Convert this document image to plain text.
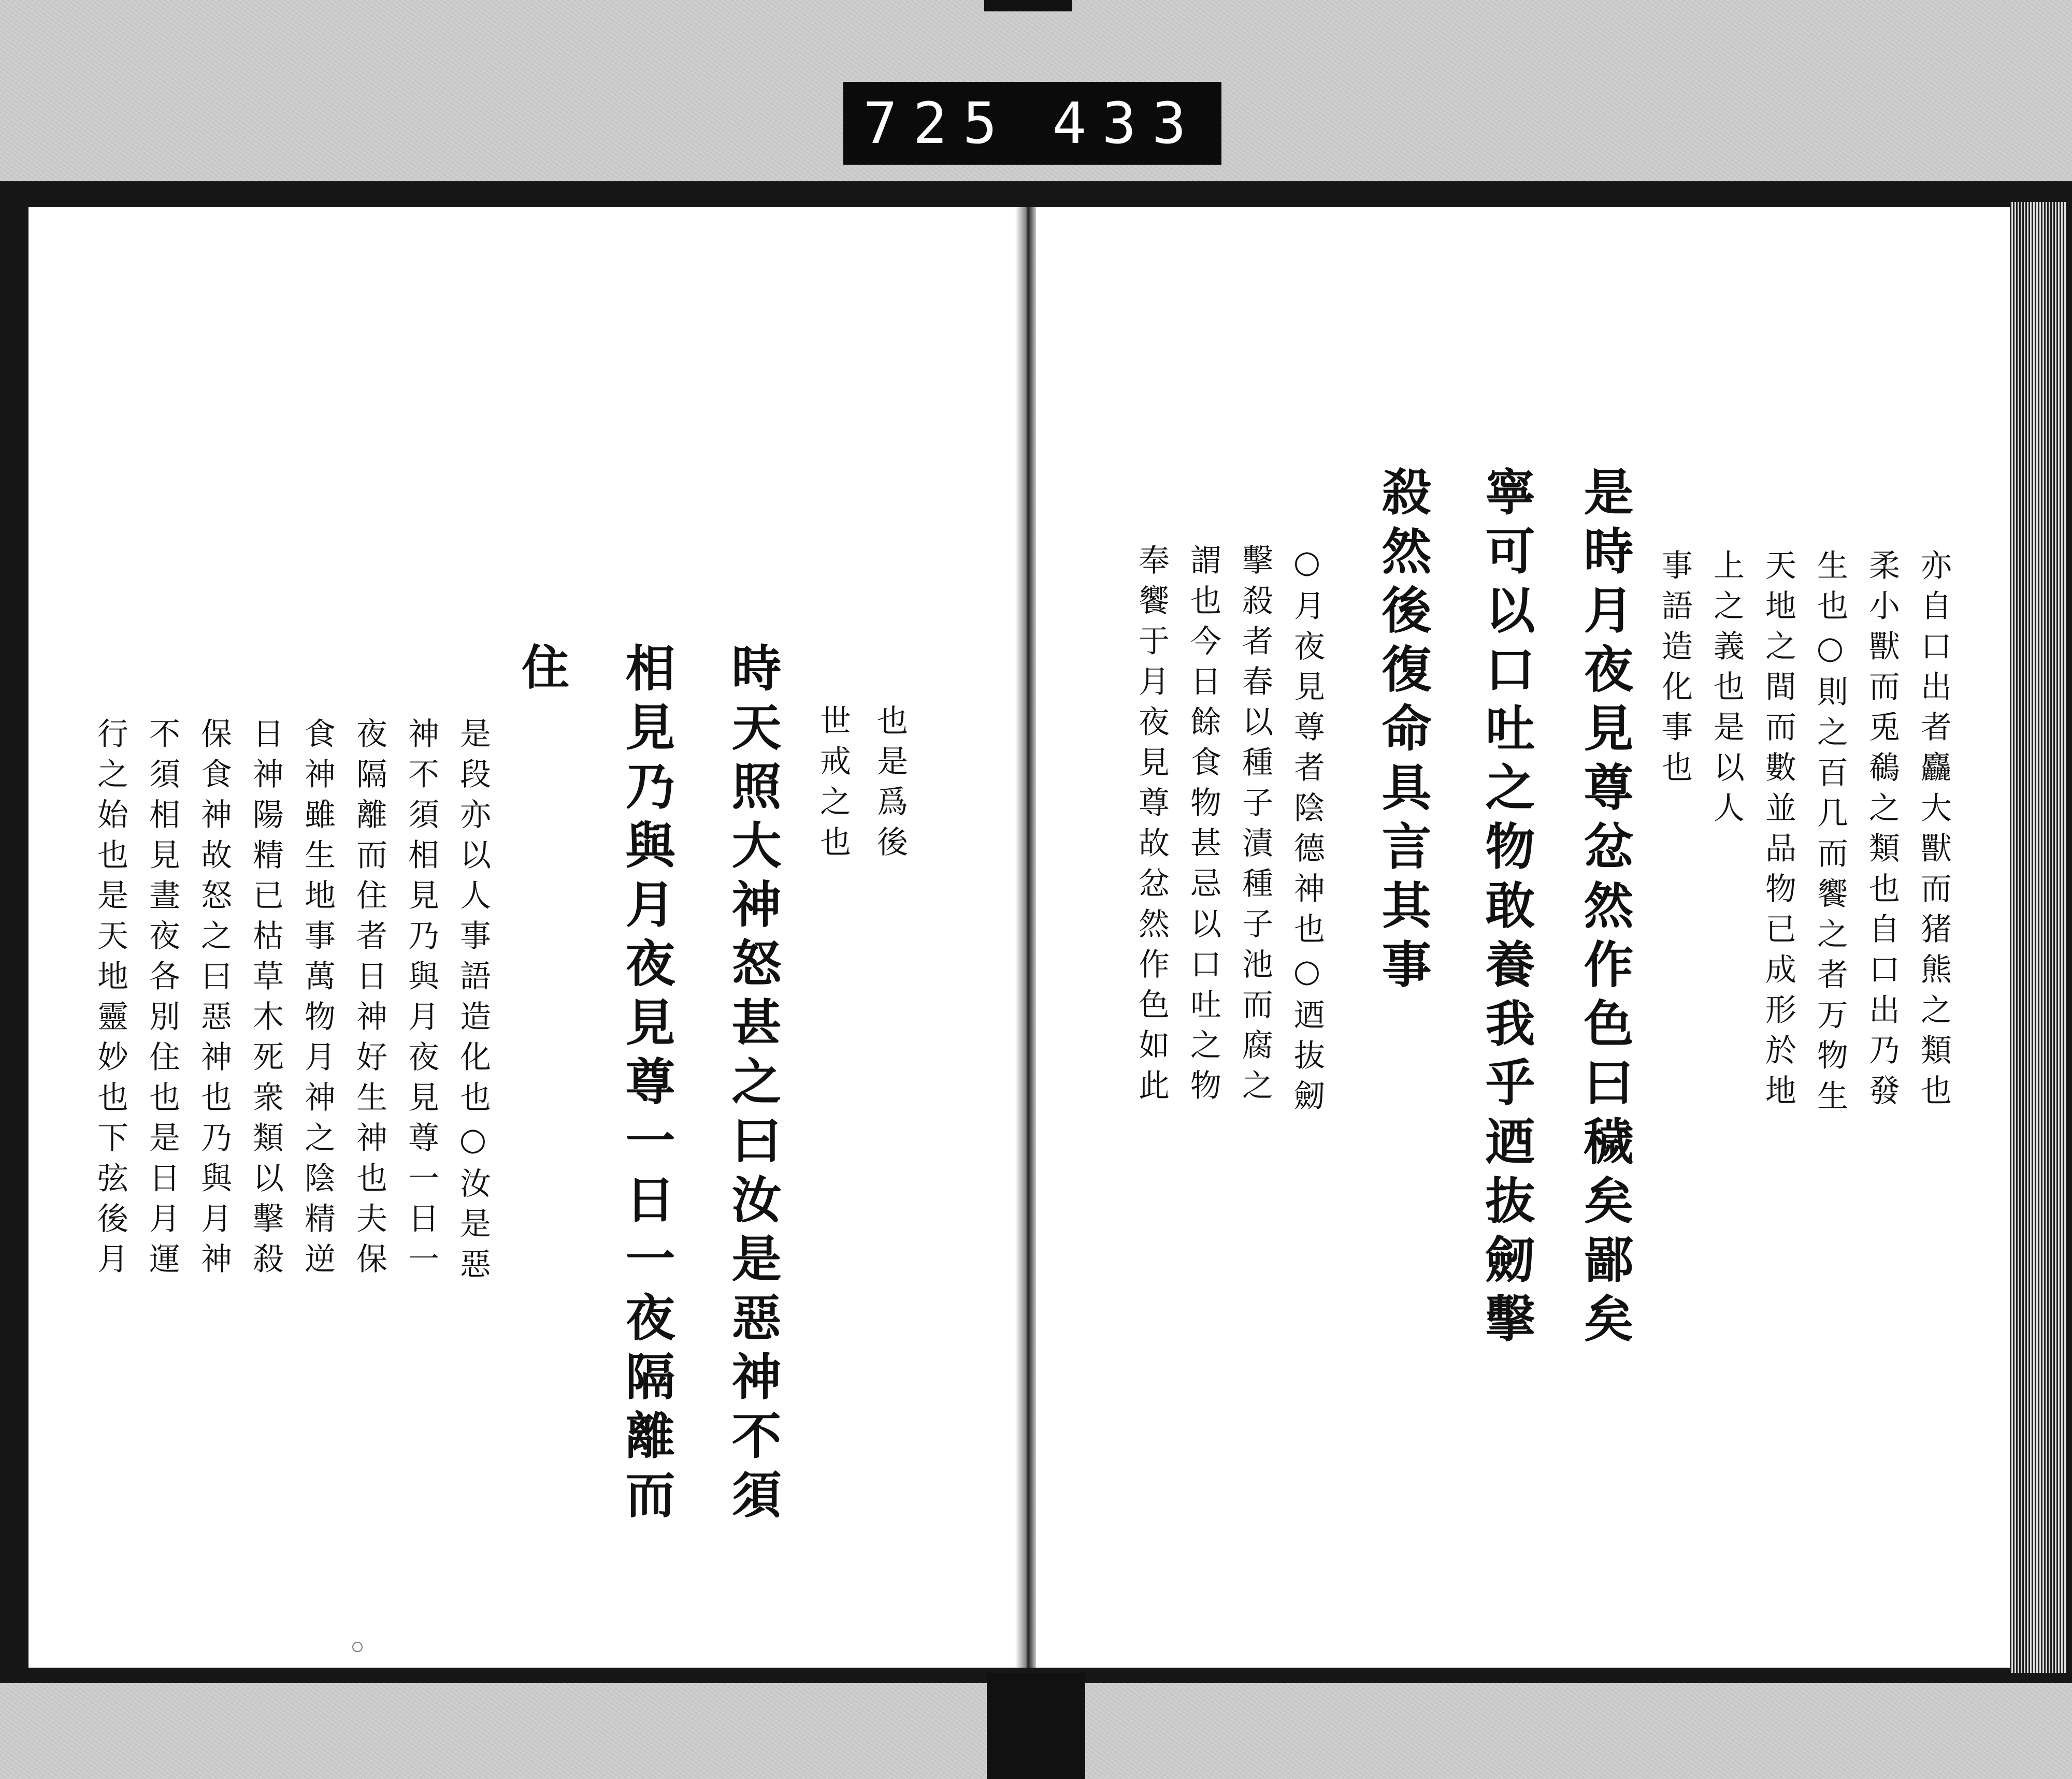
725 433
也是爲後
世戒之也
時天照大神怒甚之曰汝是惡神不須
相見乃與月夜見尊一日一夜隔離而
住
是段亦以人事語造化也○汝是惡
神不須相見乃與月夜見尊一日一
夜隔離而住者日神好生神也夫保
食神雖生地事萬物月神之陰精逆
日神陽精已枯草木死衆類以擊殺
保食神故怒之曰惡神也乃與月神
不須相見晝夜各別住也是日月運
行之始也是天地靈妙也下弦後月	亦自口出者麤大獸而猪熊之類也
柔小獸而兎鵗之類也自口出乃發
生也○則之百几而饗之者万物生
天地之間而數並品物已成形於地
上之義也是以人
事語造化事也
是時月夜見尊忿然作色曰穢矣鄙矣
寧可以口吐之物敢養我乎迺抜劒擊
殺然後復命具言其事
○月夜見尊者陰德神也○迺抜劒
擊殺者春以種子漬種子池而腐之
謂也今日餘食物甚忌以口吐之物
奉饗于月夜見尊故忿然作色如此
